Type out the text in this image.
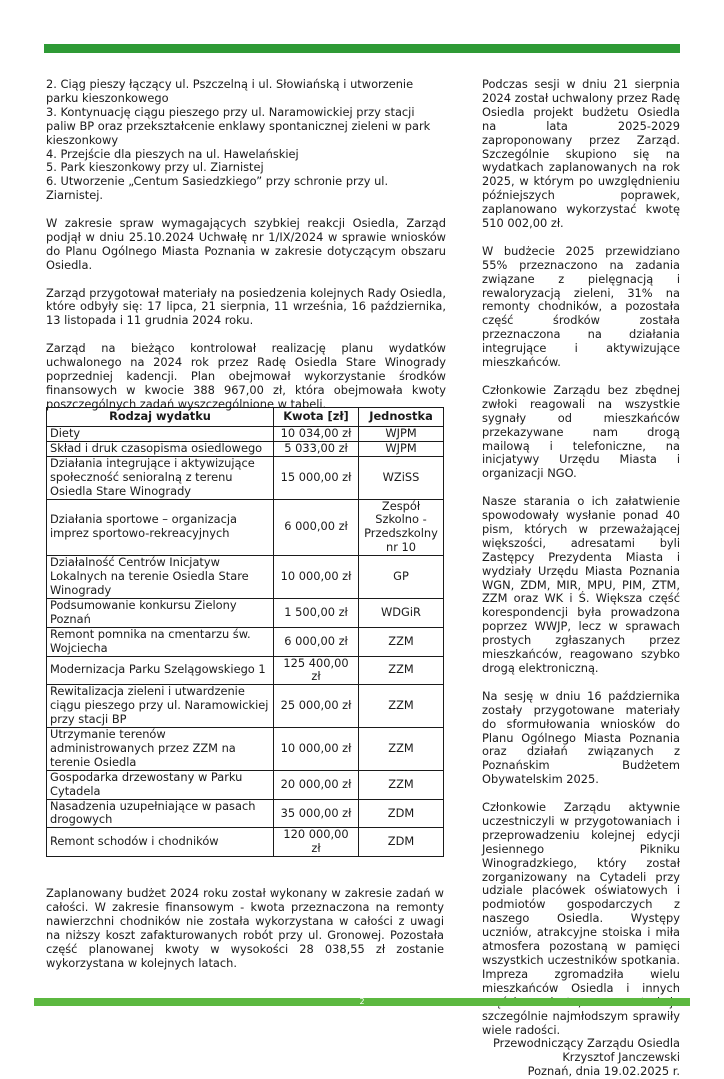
2. Ciąg pieszy łączący ul. Pszczelną i ul. Słowiańską i utworzenie parku kieszonkowego

3. Kontynuację ciągu pieszego przy ul. Naramowickiej przy stacji paliw BP oraz przekształcenie enklawy spontanicznej zieleni w park kieszonkowy

4. Przejście dla pieszych na ul. Hawelańskiej

5. Park kieszonkowy przy ul. Ziarnistej

6. Utworzenie „Centum Sasiedzkiego” przy schronie przy ul. Ziarnistej.

W zakresie spraw wymagających szybkiej reakcji Osiedla, Zarząd podjął w dniu 25.10.2024 Uchwałę nr 1/IX/2024 w sprawie wniosków do Planu Ogólnego Miasta Poznania w zakresie dotyczącym obszaru Osiedla.

Zarząd przygotował materiały na posiedzenia kolejnych Rady Osiedla, które odbyły się: 17 lipca, 21 sierpnia, 11 września, 16 października, 13 listopada i 11 grudnia 2024 roku.

Zarząd na bieżąco kontrolował realizację planu wydatków uchwalonego na 2024 rok przez Radę Osiedla Stare Winogrady poprzedniej kadencji. Plan obejmował wykorzystanie środków finansowych w kwocie 388 967,00 zł, która obejmowała kwoty poszczególnych zadań wyszczególnione w tabeli.

Rodzaj wydatku	Kwota [zł]	Jednostka
Diety	10 034,00 zł	WJPM
Skład i druk czasopisma osiedlowego	5 033,00 zł	WJPM
Działania integrujące i aktywizujące społeczność senioralną z terenu Osiedla Stare Winogrady	15 000,00 zł	WZiSS
Działania sportowe – organizacja imprez sportowo-rekreacyjnych	6 000,00 zł	Zespół Szkolno -Przedszkolny nr 10
Działalność Centrów Inicjatyw Lokalnych na terenie Osiedla Stare Winogrady	10 000,00 zł	GP
Podsumowanie konkursu Zielony Poznań	1 500,00 zł	WDGiR
Remont pomnika na cmentarzu św. Wojciecha	6 000,00 zł	ZZM
Modernizacja Parku Szelągowskiego 1	125 400,00 zł	ZZM
Rewitalizacja zieleni i utwardzenie ciągu pieszego przy ul. Naramowickiej przy stacji BP	25 000,00 zł	ZZM
Utrzymanie terenów administrowanych przez ZZM na terenie Osiedla	10 000,00 zł	ZZM
Gospodarka drzewostany w Parku Cytadela	20 000,00 zł	ZZM
Nasadzenia uzupełniające w pasach drogowych	35 000,00 zł	ZDM
Remont schodów i chodników	120 000,00 zł	ZDM

Zaplanowany budżet 2024 roku został wykonany w zakresie zadań w całości. W zakresie finansowym - kwota przeznaczona na remonty nawierzchni chodników nie została wykorzystana w całości z uwagi na niższy koszt zafakturowanych robót przy ul. Gronowej. Pozostała część planowanej kwoty w wysokości 28 038,55 zł zostanie wykorzystana w kolejnych latach.

Podczas sesji w dniu 21 sierpnia 2024 został uchwalony przez Radę Osiedla projekt budżetu Osiedla na lata 2025-2029 zaproponowany przez Zarząd. Szczególnie skupiono się na wydatkach zaplanowanych na rok 2025, w którym po uwzględnieniu późniejszych poprawek, zaplanowano wykorzystać kwotę 510 002,00 zł.

W budżecie 2025 przewidziano 55% przeznaczono na zadania związane z pielęgnacją i rewaloryzacją zieleni, 31% na remonty chodników, a pozostała część środków została przeznaczona na działania integrujące i aktywizujące mieszkańców.

Członkowie Zarządu bez zbędnej zwłoki reagowali na wszystkie sygnały od mieszkańców przekazywane nam drogą mailową i telefoniczne, na inicjatywy Urzędu Miasta i organizacji NGO.

Nasze starania o ich załatwienie spowodowały wysłanie ponad 40 pism, których w przeważającej większości, adresatami byli Zastępcy Prezydenta Miasta i wydziały Urzędu Miasta Poznania WGN, ZDM, MIR, MPU, PIM, ZTM, ZZM oraz WK i Ś. Większa część korespondencji była prowadzona poprzez WWJP, lecz w sprawach prostych zgłaszanych przez mieszkańców, reagowano szybko drogą elektroniczną.

Na sesję w dniu 16 października zostały przygotowane materiały do sformułowania wniosków do Planu Ogólnego Miasta Poznania oraz działań związanych z Poznańskim Budżetem Obywatelskim 2025.

Członkowie Zarządu aktywnie uczestniczyli w przygotowaniach i przeprowadzeniu kolejnej edycji Jesiennego Pikniku Winogradzkiego, który został zorganizowany na Cytadeli przy udziale placówek oświatowych i podmiotów gospodarczych z naszego Osiedla. Występy uczniów, atrakcyjne stoiska i miła atmosfera pozostaną w pamięci wszystkich uczestników spotkania. Impreza zgromadziła wielu mieszkańców Osiedla i innych szczególnie najmłodszym sprawiły wiele radości.

Przewodniczący Zarządu Osiedla
Krzysztof Janczewski
Poznań, dnia 19.02.2025 r.
2
